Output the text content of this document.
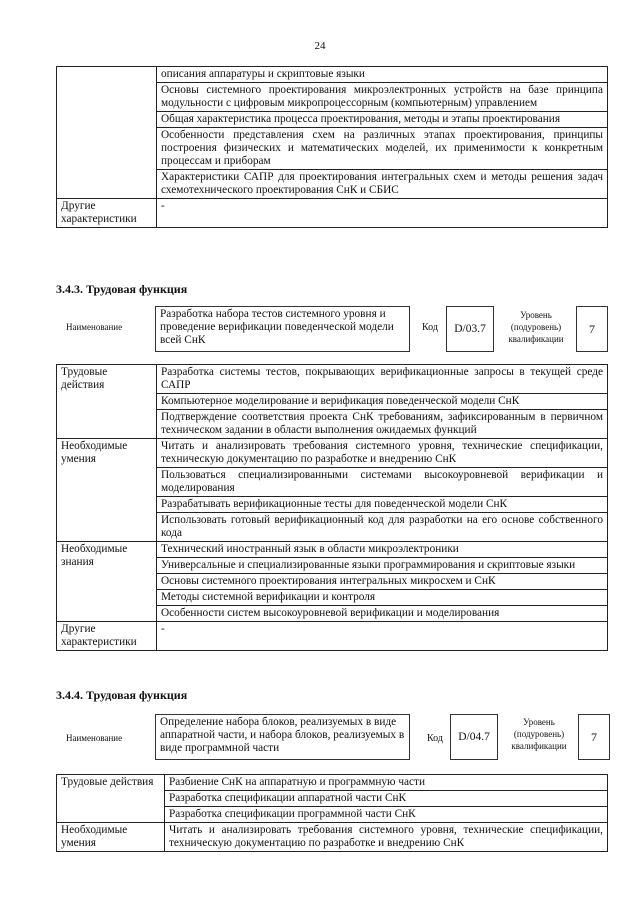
24
	описания аппаратуры и скриптовые языки
	Основы системного проектирования микроэлектронных устройств на базе принципа модульности с цифровым микропроцессорным (компьютерным) управлением
	Общая характеристика процесса проектирования, методы и этапы проектирования
	Особенности представления схем на различных этапах проектирования, принципы построения физических и математических моделей, их применимости к конкретным процессам и приборам
	Характеристики САПР для проектирования интегральных схем и методы решения задач схемотехнического проектирования СнК и СБИС
Другие характеристики	-
3.4.3. Трудовая функция
Наименование
Разработка набора тестов системного уровня и проведение верификации поведенческой модели всей СнК
Код	D/03.7
Уровень
(подуровень)
квалификации
7
Трудовые действия	Разработка системы тестов, покрывающих верификационные запросы в текущей среде САПР
	Компьютерное моделирование и верификация поведенческой модели СнК
	Подтверждение соответствия проекта СнК требованиям, зафиксированным в первичном техническом задании в области выполнения ожидаемых функций
Необходимые умения	Читать и анализировать требования системного уровня, технические спецификации, техническую документацию по разработке и внедрению СнК
	Пользоваться специализированными системами высокоуровневой верификации и моделирования
	Разрабатывать верификационные тесты для поведенческой модели СнК
	Использовать готовый верификационный код для разработки на его основе собственного кода
Необходимые знания	Технический иностранный язык в области микроэлектроники
	Универсальные и специализированные языки программирования и скриптовые языки
	Основы системного проектирования интегральных микросхем и СнК
	Методы системной верификации и контроля
	Особенности систем высокоуровневой верификации и моделирования
Другие характеристики	-
3.4.4. Трудовая функция
Наименование
Определение набора блоков, реализуемых в виде аппаратной части, и набора блоков, реализуемых в виде программной части
Код	D/04.7
Уровень
(подуровень)
квалификации
7
Трудовые действия	Разбиение СнК на аппаратную и программную части
	Разработка спецификации аппаратной части СнК
	Разработка спецификации программной части СнК
Необходимые умения	Читать и анализировать требования системного уровня, технические спецификации, техническую документацию по разработке и внедрению СнК
